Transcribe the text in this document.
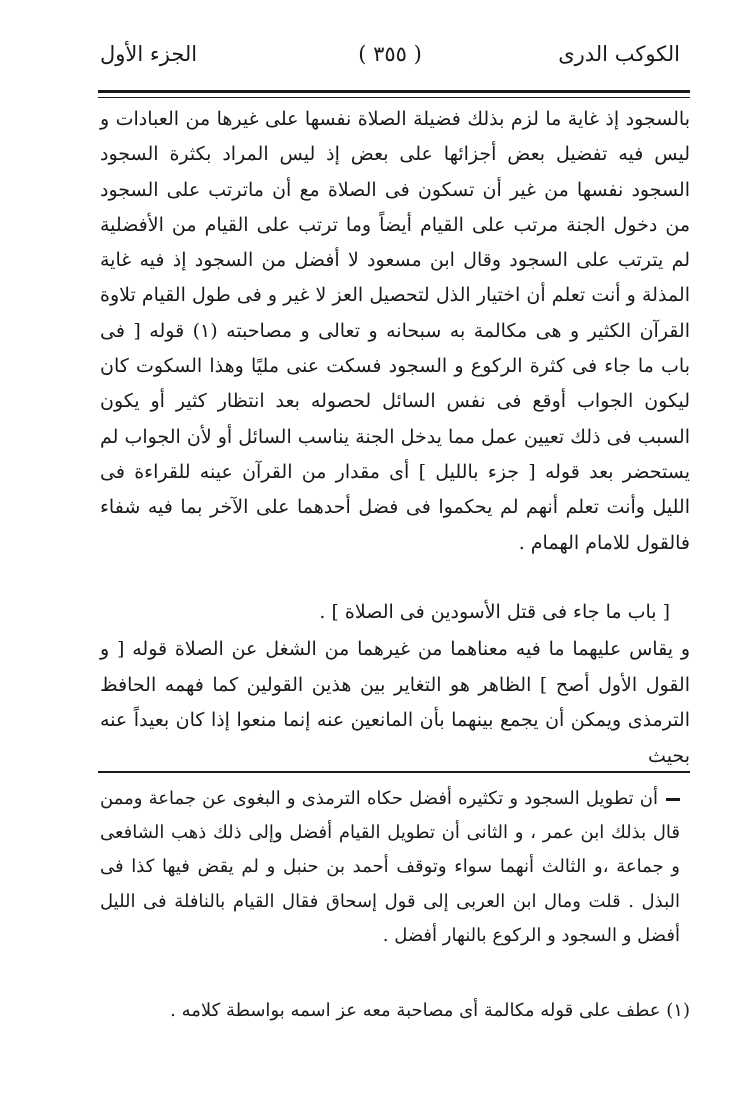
الكوكب الدرى
( ٣٥٥ )
الجزء الأول

بالسجود إذ غاية ما لزم بذلك فضيلة الصلاة نفسها على غيرها من العبادات و ليس فيه تفضيل بعض أجزائها على بعض إذ ليس المراد بكثرة السجود السجود نفسها من غير أن تسكون فى الصلاة مع أن ماترتب على السجود من دخول الجنة مرتب على القيام أيضاً وما ترتب على القيام من الأفضلية لم يترتب على السجود وقال ابن مسعود لا أفضل من السجود إذ فيه غاية المذلة و أنت تعلم أن اختيار الذل لتحصيل العز لا غير و فى طول القيام تلاوة القرآن الكثير و هى مكالمة به سبحانه و تعالى و مصاحبته (١) قوله [ فى باب ما جاء فى كثرة الركوع و السجود فسكت عنى مليًا وهذا السكوت كان ليكون الجواب أوقع فى نفس السائل لحصوله بعد انتظار كثير أو يكون السبب فى ذلك تعيين عمل مما يدخل الجنة يناسب السائل أو لأن الجواب لم يستحضر بعد قوله [ جزء بالليل ] أى مقدار من القرآن عينه للقراءة فى الليل وأنت تعلم أنهم لم يحكموا فى فضل أحدهما على الآخر بما فيه شفاء فالقول للامام الهمام .

[ باب ما جاء فى قتل الأسودين فى الصلاة ] .

و يقاس عليهما ما فيه معناهما من غيرهما من الشغل عن الصلاة قوله [ و القول الأول أصح ] الظاهر هو التغاير بين هذين القولين كما فهمه الحافظ الترمذى ويمكن أن يجمع بينهما بأن المانعين عنه إنما منعوا إذا كان بعيداً عنه بحيث

أن تطويل السجود و تكثيره أفضل حكاه الترمذى و البغوى عن جماعة وممن قال بذلك ابن عمر ، و الثانى أن تطويل القيام أفضل وإلى ذلك ذهب الشافعى و جماعة ،و الثالث أنهما سواء وتوقف أحمد بن حنبل و لم يقض فيها كذا فى البذل . قلت ومال ابن العربى إلى قول إسحاق فقال القيام بالنافلة فى الليل أفضل و السجود و الركوع بالنهار أفضل .

(١) عطف على قوله مكالمة أى مصاحبة معه عز اسمه بواسطة كلامه .
